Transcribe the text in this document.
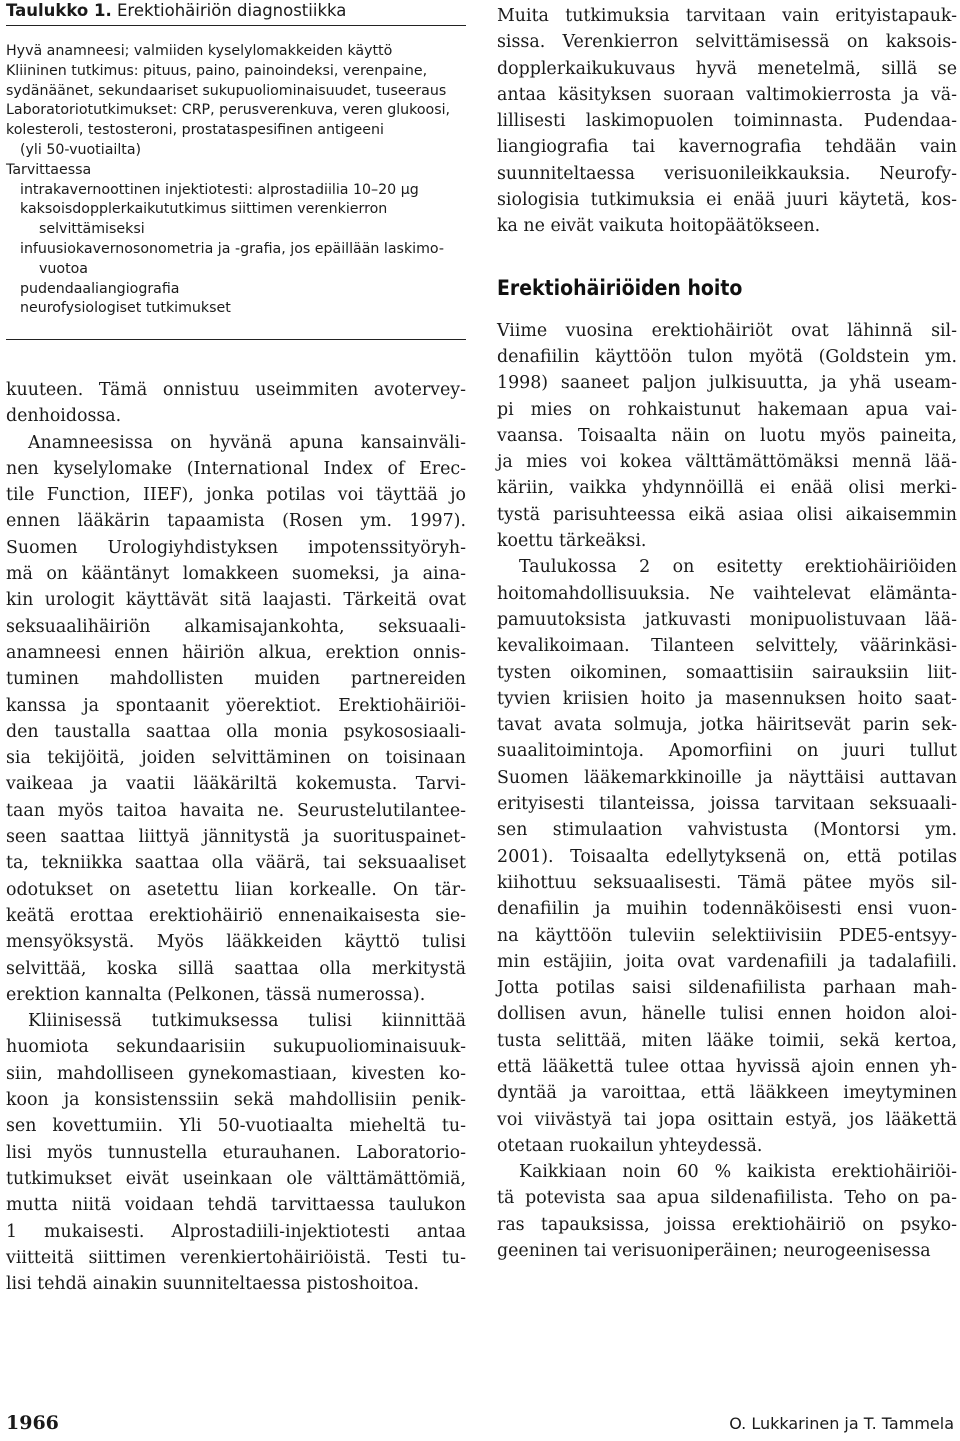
Taulukko 1. Erektiohäiriön diagnostiikka

Hyvä anamneesi; valmiiden kyselylomakkeiden käyttö

Kliininen tutkimus: pituus, paino, painoindeksi, verenpaine,

sydänäänet, sekundaariset sukupuoliominaisuudet, tuseeraus

Laboratoriotutkimukset: CRP, perusverenkuva, veren glukoosi,

kolesteroli, testosteroni, prostataspesifinen antigeeni

(yli 50-vuotiailta)

Tarvittaessa

intrakavernoottinen injektiotesti: alprostadiilia 10–20 μg

kaksoisdopplerkaikututkimus siittimen verenkierron

selvittämiseksi

infuusiokavernosonometria ja -grafia, jos epäillään laskimo-

vuotoa

pudendaaliangiografia

neurofysiologiset tutkimukset

kuuteen. Tämä onnistuu useimmiten avotervey-
denhoidossa.

Anamneesissa on hyvänä apuna kansainväli-
nen kyselylomake (International Index of Erec-
tile Function, IIEF), jonka potilas voi täyttää jo
ennen lääkärin tapaamista (Rosen ym. 1997).
Suomen Urologiyhdistyksen impotenssityöryh-
mä on kääntänyt lomakkeen suomeksi, ja aina-
kin urologit käyttävät sitä laajasti. Tärkeitä ovat
seksuaalihäiriön alkamisajankohta, seksuaali-
anamneesi ennen häiriön alkua, erektion onnis-
tuminen mahdollisten muiden partnereiden
kanssa ja spontaanit yöerektiot. Erektiohäiriöi-
den taustalla saattaa olla monia psykososiaali-
sia tekijöitä, joiden selvittäminen on toisinaan
vaikeaa ja vaatii lääkäriltä kokemusta. Tarvi-
taan myös taitoa havaita ne. Seurustelutilantee-
seen saattaa liittyä jännitystä ja suorituspainet-
ta, tekniikka saattaa olla väärä, tai seksuaaliset
odotukset on asetettu liian korkealle. On tär-
keätä erottaa erektiohäiriö ennenaikaisesta sie-
mensyöksystä. Myös lääkkeiden käyttö tulisi
selvittää, koska sillä saattaa olla merkitystä
erektion kannalta (Pelkonen, tässä numerossa).

Kliinisessä tutkimuksessa tulisi kiinnittää
huomiota sekundaarisiin sukupuoliominaisuuk-
siin, mahdolliseen gynekomastiaan, kivesten ko-
koon ja konsistenssiin sekä mahdollisiin penik-
sen kovettumiin. Yli 50-vuotiaalta mieheltä tu-
lisi myös tunnustella eturauhanen. Laboratorio-
tutkimukset eivät useinkaan ole välttämättömiä,
mutta niitä voidaan tehdä tarvittaessa taulukon
1 mukaisesti. Alprostadiili-injektiotesti antaa
viitteitä siittimen verenkiertohäiriöistä. Testi tu-
lisi tehdä ainakin suunniteltaessa pistoshoitoa.

Muita tutkimuksia tarvitaan vain erityistapauk-
sissa. Verenkierron selvittämisessä on kaksois-
dopplerkaikukuvaus hyvä menetelmä, sillä se
antaa käsityksen suoraan valtimokierrosta ja vä-
lillisesti laskimopuolen toiminnasta. Pudendaa-
liangiografia tai kavernografia tehdään vain
suunniteltaessa verisuonileikkauksia. Neurofy-
siologisia tutkimuksia ei enää juuri käytetä, kos-
ka ne eivät vaikuta hoitopäätökseen.
Erektiohäiriöiden hoito

Viime vuosina erektiohäiriöt ovat lähinnä sil-
denafiilin käyttöön tulon myötä (Goldstein ym.
1998) saaneet paljon julkisuutta, ja yhä useam-
pi mies on rohkaistunut hakemaan apua vai-
vaansa. Toisaalta näin on luotu myös paineita,
ja mies voi kokea välttämättömäksi mennä lää-
käriin, vaikka yhdynnöillä ei enää olisi merki-
tystä parisuhteessa eikä asiaa olisi aikaisemmin
koettu tärkeäksi.

Taulukossa 2 on esitetty erektiohäiriöiden
hoitomahdollisuuksia. Ne vaihtelevat elämänta-
pamuutoksista jatkuvasti monipuolistuvaan lää-
kevalikoimaan. Tilanteen selvittely, väärinkäsi-
tysten oikominen, somaattisiin sairauksiin liit-
tyvien kriisien hoito ja masennuksen hoito saat-
tavat avata solmuja, jotka häiritsevät parin sek-
suaalitoimintoja. Apomorfiini on juuri tullut
Suomen lääkemarkkinoille ja näyttäisi auttavan
erityisesti tilanteissa, joissa tarvitaan seksuaali-
sen stimulaation vahvistusta (Montorsi ym.
2001). Toisaalta edellytyksenä on, että potilas
kiihottuu seksuaalisesti. Tämä pätee myös sil-
denafiilin ja muihin todennäköisesti ensi vuon-
na käyttöön tuleviin selektiivisiin PDE5-entsyy-
min estäjiin, joita ovat vardenafiili ja tadalafiili.
Jotta potilas saisi sildenafiilista parhaan mah-
dollisen avun, hänelle tulisi ennen hoidon aloi-
tusta selittää, miten lääke toimii, sekä kertoa,
että lääkettä tulee ottaa hyvissä ajoin ennen yh-
dyntää ja varoittaa, että lääkkeen imeytyminen
voi viivästyä tai jopa osittain estyä, jos lääkettä
otetaan ruokailun yhteydessä.

Kaikkiaan noin 60 % kaikista erektiohäiriöi-
tä potevista saa apua sildenafiilista. Teho on pa-
ras tapauksissa, joissa erektiohäiriö on psyko-
geeninen tai verisuoniperäinen; neurogeenisessa

1966	O. Lukkarinen ja T. Tammela
